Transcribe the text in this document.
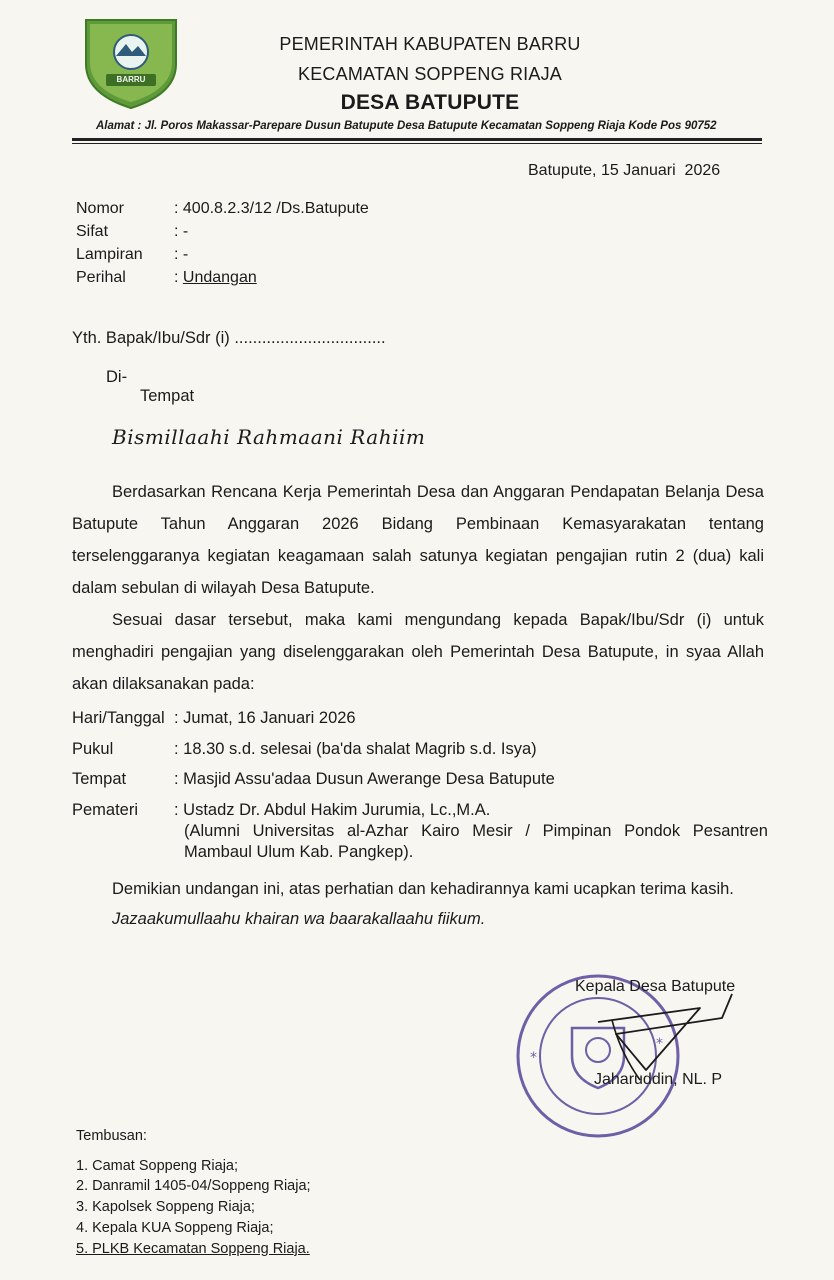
BARRU
PEMERINTAH KABUPATEN BARRU
KECAMATAN SOPPENG RIAJA
DESA BATUPUTE
Alamat : Jl. Poros Makassar-Parepare Dusun Batupute Desa Batupute Kecamatan Soppeng Riaja Kode Pos 90752
Batupute, 15 Januari  2026
Nomor	: 400.8.2.3/12 /Ds.Batupute
Sifat	: -
Lampiran : -
Perihal	: Undangan
Yth. Bapak/Ibu/Sdr (i) .................................
Di-
Tempat
Bismillaahi Rahmaani Rahiim
Berdasarkan Rencana Kerja Pemerintah Desa dan Anggaran Pendapatan Belanja Desa Batupute Tahun Anggaran 2026 Bidang Pembinaan Kemasyarakatan tentang terselenggaranya kegiatan keagamaan salah satunya kegiatan pengajian rutin 2 (dua) kali dalam sebulan di wilayah Desa Batupute.
Sesuai dasar tersebut, maka kami mengundang kepada Bapak/Ibu/Sdr (i) untuk menghadiri pengajian yang diselenggarakan oleh Pemerintah Desa Batupute, in syaa Allah akan dilaksanakan pada:
Hari/Tanggal : Jumat, 16 Januari 2026
Pukul	: 18.30 s.d. selesai (ba'da shalat Magrib s.d. Isya)
Tempat	: Masjid Assu'adaa Dusun Awerange Desa Batupute
Pemateri : Ustadz Dr. Abdul Hakim Jurumia, Lc.,M.A.
(Alumni Universitas al-Azhar Kairo Mesir / Pimpinan Pondok Pesantren Mambaul Ulum Kab. Pangkep).
Demikian undangan ini, atas perhatian dan kehadirannya kami ucapkan terima kasih.
Jazaakumullaahu khairan wa baarakallaahu fiikum.
*
*
Kepala Desa Batupute
Jaharuddin, NL. P
Tembusan:
1. Camat Soppeng Riaja;
2. Danramil 1405-04/Soppeng Riaja;
3. Kapolsek Soppeng Riaja;
4. Kepala KUA Soppeng Riaja;
5. PLKB Kecamatan Soppeng Riaja.
